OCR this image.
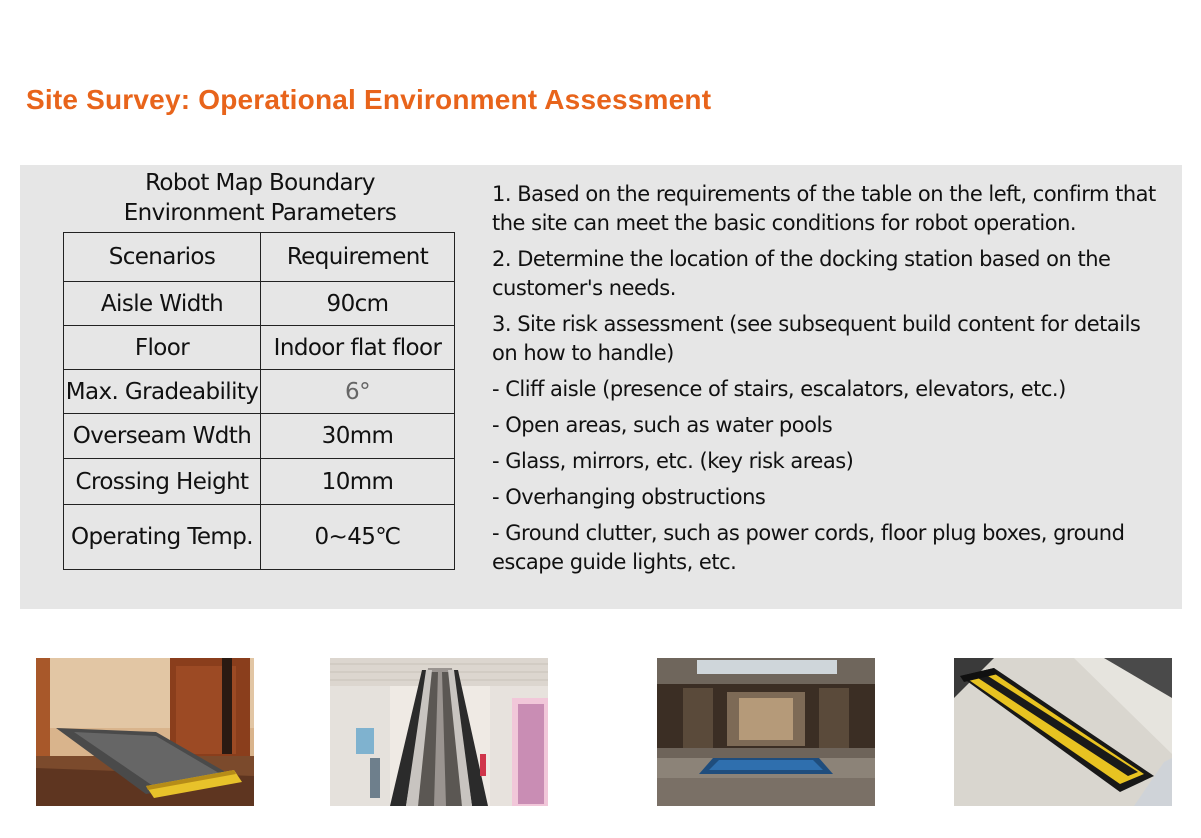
Site Survey: Operational Environment Assessment
Robot Map Boundary
Environment Parameters
Scenarios	Requirement
Aisle Width	90cm
Floor	Indoor flat floor
Max. Gradeability	6°
Overseam Wdth	30mm
Crossing Height	10mm
Operating Temp.	0~45℃

1. Based on the requirements of the table on the left, confirm that the site can meet the basic conditions for robot operation.

2. Determine the location of the docking station based on the customer's needs.

3. Site risk assessment (see subsequent build content for details on how to handle)

- Cliff aisle (presence of stairs, escalators, elevators, etc.)

- Open areas, such as water pools

- Glass, mirrors, etc. (key risk areas)

- Overhanging obstructions

- Ground clutter, such as power cords, floor plug boxes, ground escape guide lights, etc.
